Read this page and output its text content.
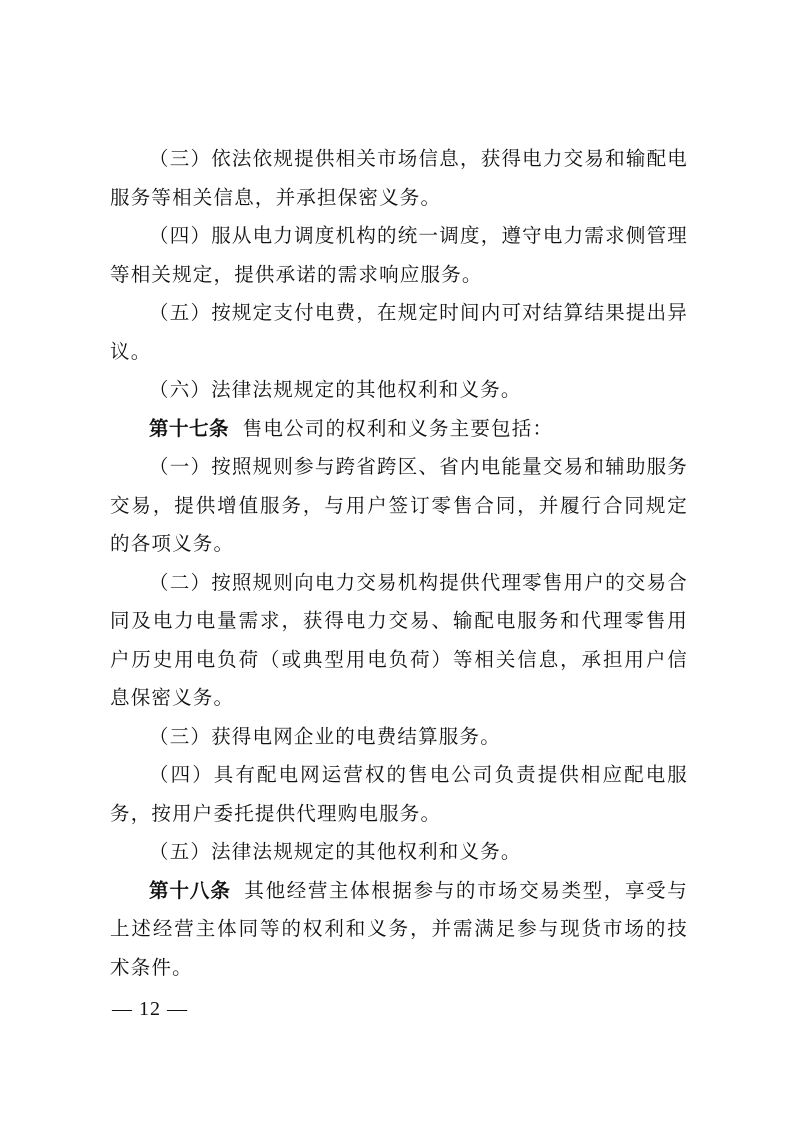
（三）依法依规提供相关市场信息，获得电力交易和输配电服务等相关信息，并承担保密义务。

（四）服从电力调度机构的统一调度，遵守电力需求侧管理等相关规定，提供承诺的需求响应服务。

（五）按规定支付电费，在规定时间内可对结算结果提出异议。

（六）法律法规规定的其他权利和义务。

第十七条 售电公司的权利和义务主要包括：

（一）按照规则参与跨省跨区、省内电能量交易和辅助服务交易，提供增值服务，与用户签订零售合同，并履行合同规定的各项义务。

（二）按照规则向电力交易机构提供代理零售用户的交易合同及电力电量需求，获得电力交易、输配电服务和代理零售用户历史用电负荷（或典型用电负荷）等相关信息，承担用户信息保密义务。

（三）获得电网企业的电费结算服务。

（四）具有配电网运营权的售电公司负责提供相应配电服务，按用户委托提供代理购电服务。

（五）法律法规规定的其他权利和义务。

第十八条 其他经营主体根据参与的市场交易类型，享受与上述经营主体同等的权利和义务，并需满足参与现货市场的技术条件。

— 12 —
